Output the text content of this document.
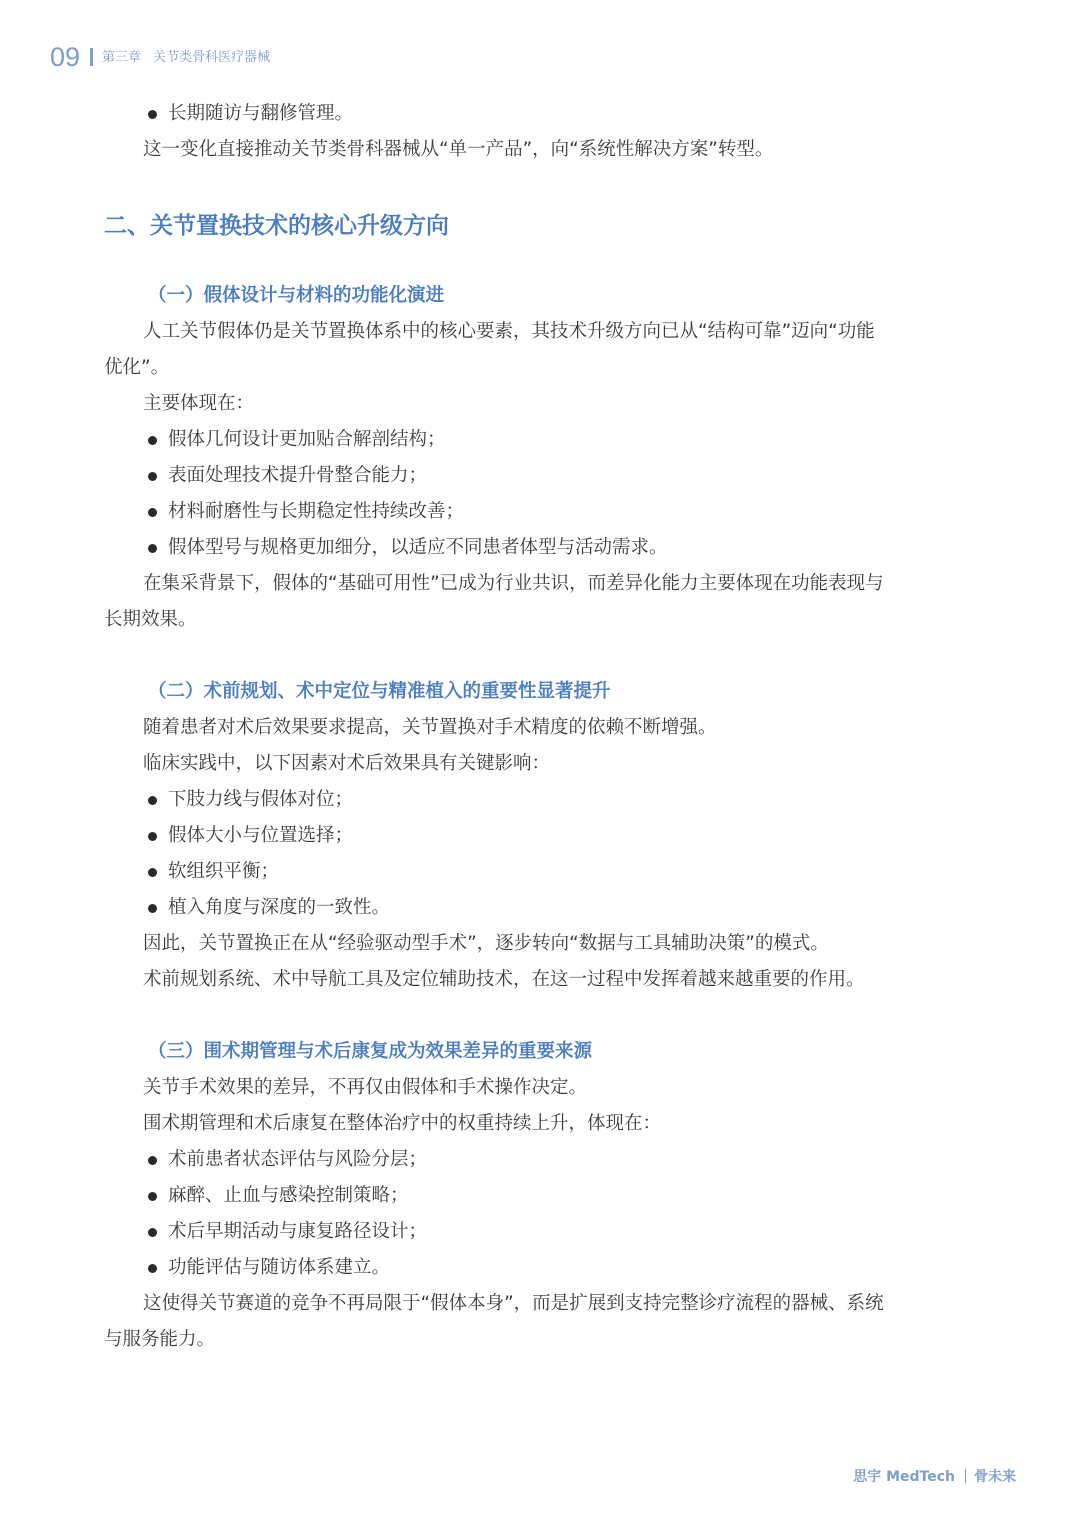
09 第三章 关节类骨科医疗器械
长期随访与翻修管理。

这一变化直接推动关节类骨科器械从“单一产品”，向“系统性解决方案”转型。

二、关节置换技术的核心升级方向
（一）假体设计与材料的功能化演进

人工关节假体仍是关节置换体系中的核心要素，其技术升级方向已从“结构可靠”迈向“功能

优化”。

主要体现在：

假体几何设计更加贴合解剖结构；
表面处理技术提升骨整合能力；
材料耐磨性与长期稳定性持续改善；
假体型号与规格更加细分，以适应不同患者体型与活动需求。

在集采背景下，假体的“基础可用性”已成为行业共识，而差异化能力主要体现在功能表现与

长期效果。

（二）术前规划、术中定位与精准植入的重要性显著提升

随着患者对术后效果要求提高，关节置换对手术精度的依赖不断增强。

临床实践中，以下因素对术后效果具有关键影响：

下肢力线与假体对位；
假体大小与位置选择；
软组织平衡；
植入角度与深度的一致性。

因此，关节置换正在从“经验驱动型手术”，逐步转向“数据与工具辅助决策”的模式。

术前规划系统、术中导航工具及定位辅助技术，在这一过程中发挥着越来越重要的作用。

（三）围术期管理与术后康复成为效果差异的重要来源

关节手术效果的差异，不再仅由假体和手术操作决定。

围术期管理和术后康复在整体治疗中的权重持续上升，体现在：

术前患者状态评估与风险分层；
麻醉、止血与感染控制策略；
术后早期活动与康复路径设计；
功能评估与随访体系建立。

这使得关节赛道的竞争不再局限于“假体本身”，而是扩展到支持完整诊疗流程的器械、系统

与服务能力。

思宇 MedTech 骨未来
